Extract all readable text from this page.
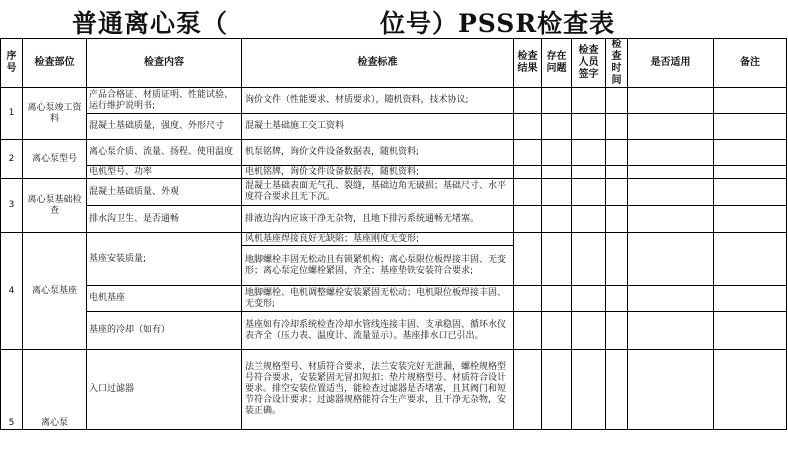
普通离心泵（	位号）PSSR检查表
序号	检查部位	检查内容	检查标准	检查结果	存在问题	检查人员签字	检查时间	是否适用	备注
1	离心泵竣工资料	产品合格证、材质证明、性能试验、运行维护说明书;	询价文件（性能要求、材质要求），随机资料，技术协议;						
		混凝土基础质量，强度、外形尺寸	混凝土基础施工交工资料						
2	离心泵型号	离心泵介质、流量、扬程、使用温度	机泵铭牌，询价文件设备数据表，随机资料;						
		电机型号、功率	电机铭牌，询价文件设备数据表，随机资料;						
3	离心泵基础检查	混凝土基础质量、外观	混凝土基础表面无气孔、裂缝，基础边角无破损；基础尺寸、水平度符合要求且无下沉。						
		排水沟卫生、是否通畅	排液边沟内应该干净无杂物，且地下排污系统通畅无堵塞。						
4	离心泵基座	基座安装质量;	风机基座焊接良好无缺陷；基座刚度无变形;						
			地脚螺栓丰固无松动且有锁紧机构；离心泵限位板焊接丰固、无变形；离心泵定位螺栓紧固、齐全；基座垫铁安装符合要求;						
		电机基座	地脚螺栓、电机调整螺栓安装紧固无松动；电机限位板焊接丰固、无变形;						
		基座的冷却（如有）	基座如有冷却系统检查冷却水管线连接丰固、支承稳固、循环水仪表齐全（压力表、温度计、流量显示）。基座排水口已引出。						
5	离心泵	入口过滤器	法兰规格型号、材质符合要求，法兰安装完好无泄漏，螺栓规格型号符合要求，安装紧固无冒扣短扣；垫片规格型号、材质符合设计要求。排空安装位置适当，能检查过滤器是否堵塞，且其阀门和短节符合设计要求；过滤器规格能符合生产要求，且干净无杂物，安装正确。						
